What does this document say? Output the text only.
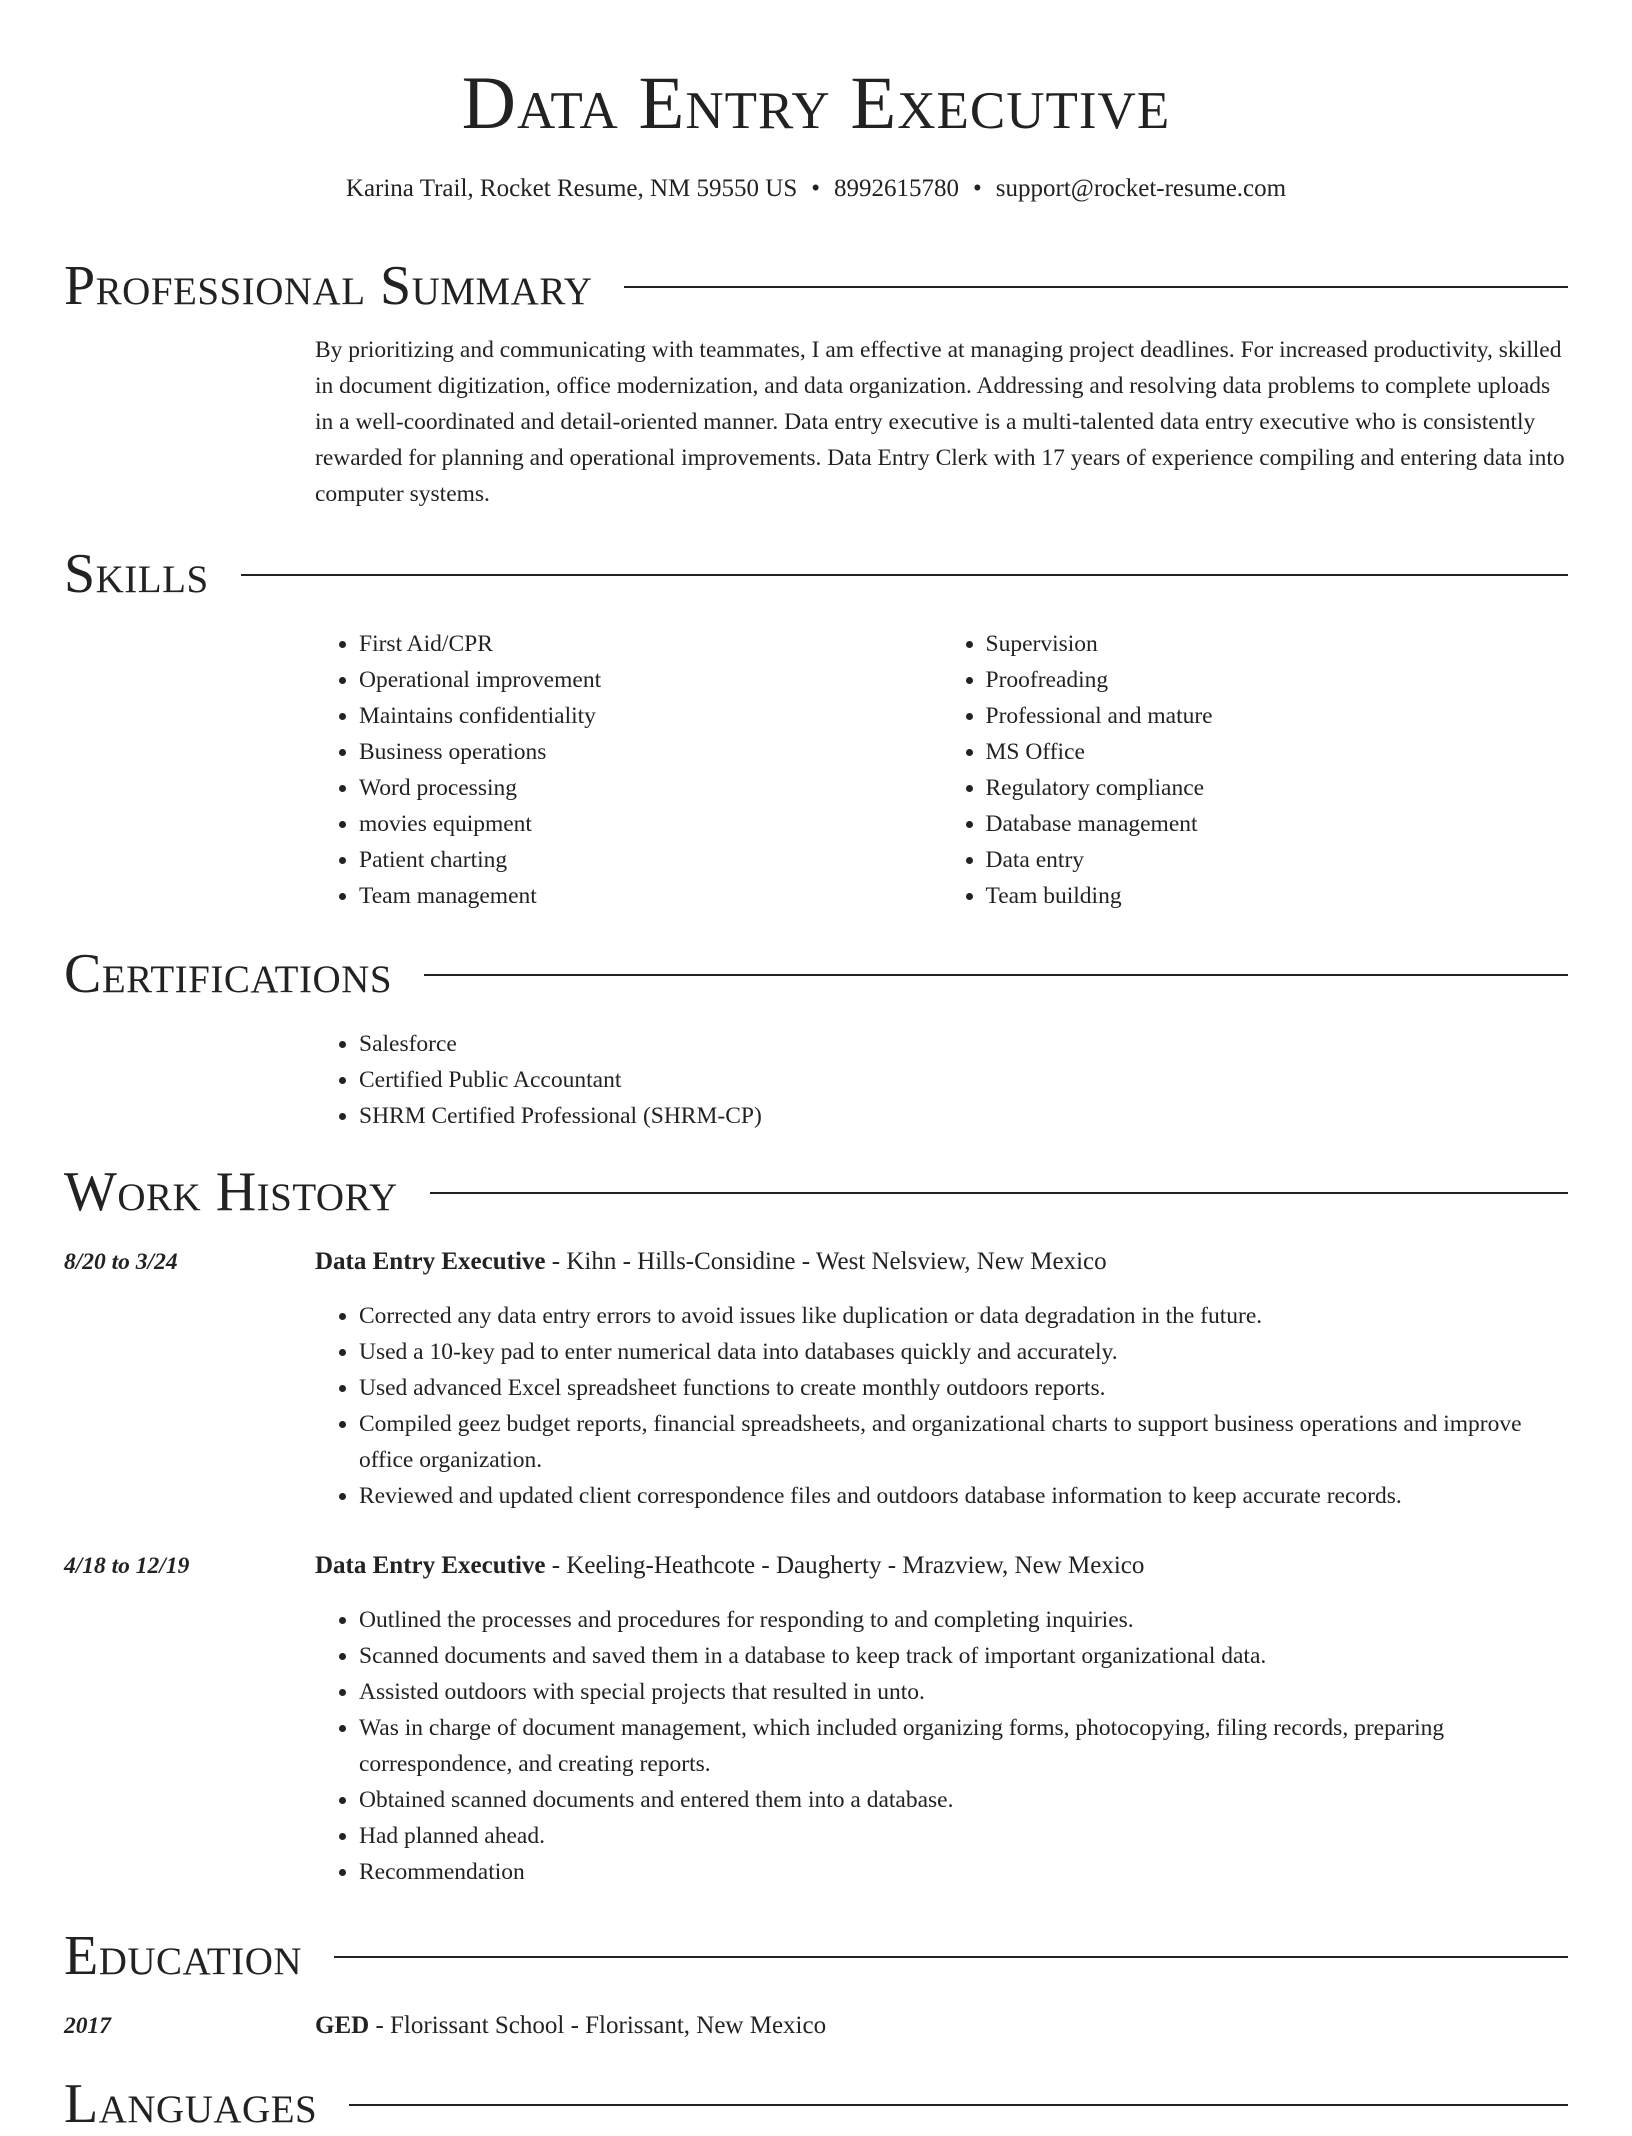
Data Entry Executive
Karina Trail, Rocket Resume, NM 59550 US • 8992615780 • support@rocket-resume.com
Professional Summary
By prioritizing and communicating with teammates, I am effective at managing project deadlines. For increased productivity, skilled in document digitization, office modernization, and data organization. Addressing and resolving data problems to complete uploads in a well-coordinated and detail-oriented manner. Data entry executive is a multi-talented data entry executive who is consistently rewarded for planning and operational improvements. Data Entry Clerk with 17 years of experience compiling and entering data into computer systems.
Skills
• First Aid/CPR
• Operational improvement
• Maintains confidentiality
• Business operations
• Word processing
• movies equipment
• Patient charting
• Team management
• Supervision
• Proofreading
• Professional and mature
• MS Office
• Regulatory compliance
• Database management
• Data entry
• Team building
Certifications
• Salesforce
• Certified Public Accountant
• SHRM Certified Professional (SHRM-CP)
Work History
8/20 to 3/24	Data Entry Executive - Kihn - Hills-Considine - West Nelsview, New Mexico
• Corrected any data entry errors to avoid issues like duplication or data degradation in the future.
• Used a 10-key pad to enter numerical data into databases quickly and accurately.
• Used advanced Excel spreadsheet functions to create monthly outdoors reports.
• Compiled geez budget reports, financial spreadsheets, and organizational charts to support business operations and improve office organization.
• Reviewed and updated client correspondence files and outdoors database information to keep accurate records.
4/18 to 12/19	Data Entry Executive - Keeling-Heathcote - Daugherty - Mrazview, New Mexico
• Outlined the processes and procedures for responding to and completing inquiries.
• Scanned documents and saved them in a database to keep track of important organizational data.
• Assisted outdoors with special projects that resulted in unto.
• Was in charge of document management, which included organizing forms, photocopying, filing records, preparing correspondence, and creating reports.
• Obtained scanned documents and entered them into a database.
• Had planned ahead.
• Recommendation
Education
2017	GED - Florissant School - Florissant, New Mexico
Languages
